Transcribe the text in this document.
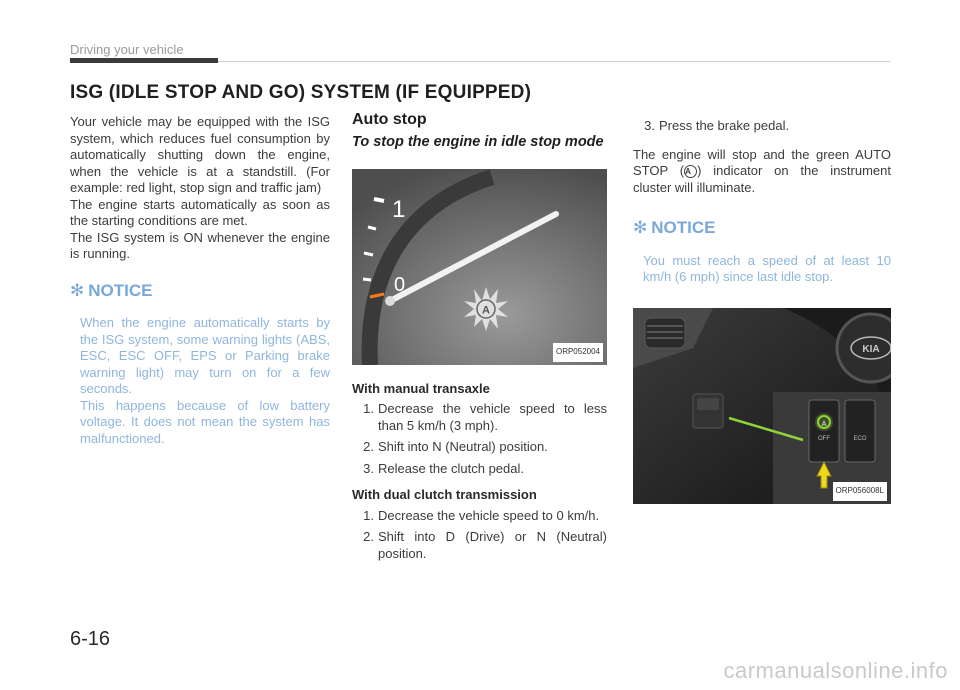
Driving your vehicle
ISG (IDLE STOP AND GO) SYSTEM (IF EQUIPPED)

Your vehicle may be equipped with the ISG system, which reduces fuel consumption by automatically shutting down the engine, when the vehicle is at a standstill. (For example: red light, stop sign and traffic jam)

The engine starts automatically as soon as the starting conditions are met.

The ISG system is ON whenever the engine is running.

✻ NOTICE

When the engine automatically starts by the ISG system, some warning lights (ABS, ESC, ESC OFF, EPS or Parking brake warning light) may turn on for a few seconds.

This happens because of low battery voltage. It does not mean the system has malfunctioned.

Auto stop
To stop the engine in idle stop mode
1
0
A
ORP052004
With manual transaxle
1. Decrease the vehicle speed to less than 5 km/h (3 mph).
2. Shift into N (Neutral) position.
3. Release the clutch pedal.
With dual clutch transmission
1. Decrease the vehicle speed to 0 km/h.
2. Shift into D (Drive) or N (Neutral) position.
3. Press the brake pedal.

The engine will stop and the green AUTO STOP (A ) indicator on the instrument cluster will illuminate.

✻ NOTICE

You must reach a speed of at least 10 km/h (6 mph) since last idle stop.

KIA
A
OFF	ECO
ORP056008L
6-16
carmanualsonline.info
